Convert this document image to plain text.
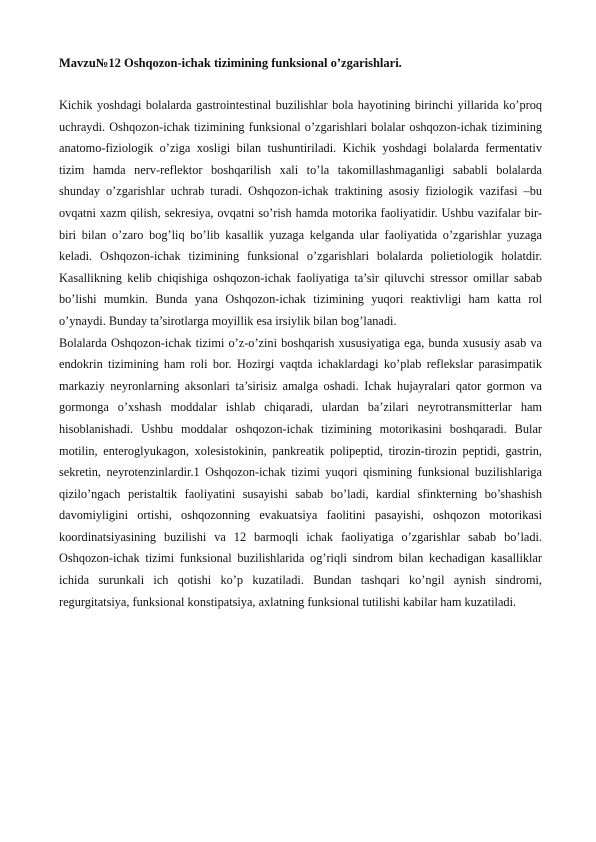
Mavzu№12 Oshqozon-ichak tizimining funksional o’zgarishlari.

Kichik yoshdagi bolalarda gastrointestinal buzilishlar bola hayotining birinchi yillarida ko’proq uchraydi. Oshqozon-ichak tizimining funksional o’zgarishlari bolalar oshqozon-ichak tizimining anatomo-fiziologik o’ziga xosligi bilan tushuntiriladi. Kichik yoshdagi bolalarda fermentativ tizim hamda nerv-reflektor boshqarilish xali to’la takomillashmaganligi sababli bolalarda shunday o’zgarishlar uchrab turadi. Oshqozon-ichak traktining asosiy fiziologik vazifasi –bu ovqatni xazm qilish, sekresiya, ovqatni so’rish hamda motorika faoliyatidir. Ushbu vazifalar bir-biri bilan o’zaro bog’liq bo’lib kasallik yuzaga kelganda ular faoliyatida o’zgarishlar yuzaga keladi. Oshqozon-ichak tizimining funksional o’zgarishlari bolalarda polietiologik holatdir. Kasallikning kelib chiqishiga oshqozon-ichak faoliyatiga ta’sir qiluvchi stressor omillar sabab bo’lishi mumkin. Bunda yana Oshqozon-ichak tizimining yuqori reaktivligi ham katta rol o’ynaydi. Bunday ta’sirotlarga moyillik esa irsiylik bilan bog’lanadi.

Bolalarda Oshqozon-ichak tizimi o’z-o’zini boshqarish xususiyatiga ega, bunda xususiy asab va endokrin tizimining ham roli bor. Hozirgi vaqtda ichaklardagi ko’plab reflekslar parasimpatik markaziy neyronlarning aksonlari ta’sirisiz amalga oshadi. Ichak hujayralari qator gormon va gormonga o’xshash moddalar ishlab chiqaradi, ulardan ba’zilari neyrotransmitterlar ham hisoblanishadi. Ushbu moddalar oshqozon-ichak tizimining motorikasini boshqaradi. Bular motilin, enteroglyukagon, xolesistokinin, pankreatik polipeptid, tirozin-tirozin peptidi, gastrin, sekretin, neyrotenzinlardir.1 Oshqozon-ichak tizimi yuqori qismining funksional buzilishlariga qizilo’ngach peristaltik faoliyatini susayishi sabab bo’ladi, kardial sfinkterning bo’shashish davomiyligini ortishi, oshqozonning evakuatsiya faolitini pasayishi, oshqozon motorikasi koordinatsiyasining buzilishi va 12 barmoqli ichak faoliyatiga o’zgarishlar sabab bo’ladi. Oshqozon-ichak tizimi funksional buzilishlarida og’riqli sindrom bilan kechadigan kasalliklar ichida surunkali ich qotishi ko’p kuzatiladi. Bundan tashqari ko’ngil aynish sindromi, regurgitatsiya, funksional konstipatsiya, axlatning funksional tutilishi kabilar ham kuzatiladi.
